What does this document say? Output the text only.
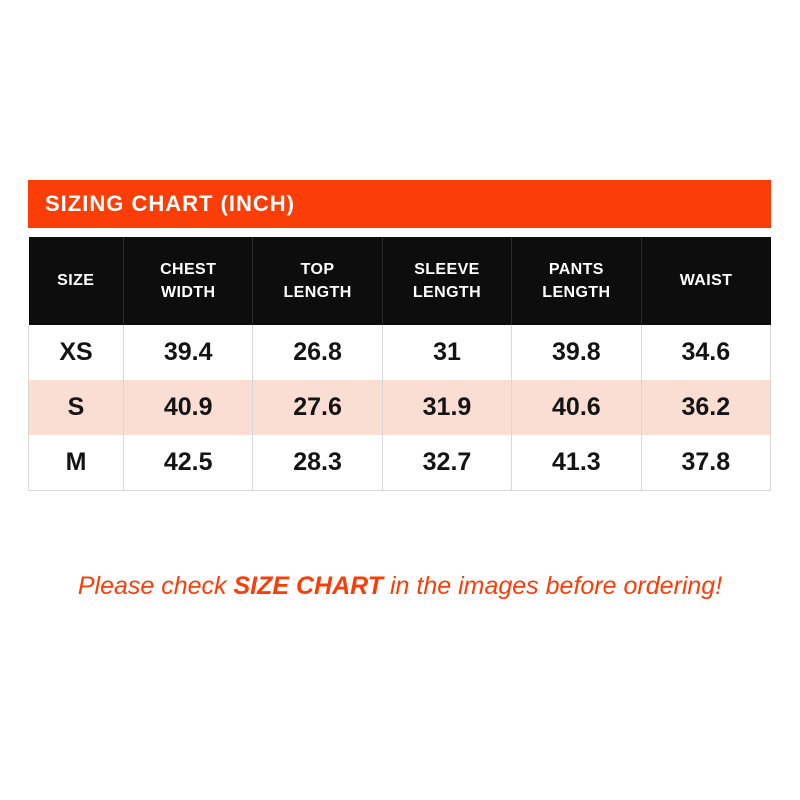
SIZING CHART (INCH)
SIZE	CHEST WIDTH	TOP LENGTH	SLEEVE LENGTH	PANTS LENGTH	WAIST
XS	39.4	26.8	31	39.8	34.6
S	40.9	27.6	31.9	40.6	36.2
M	42.5	28.3	32.7	41.3	37.8

Please check SIZE CHART in the images before ordering!
